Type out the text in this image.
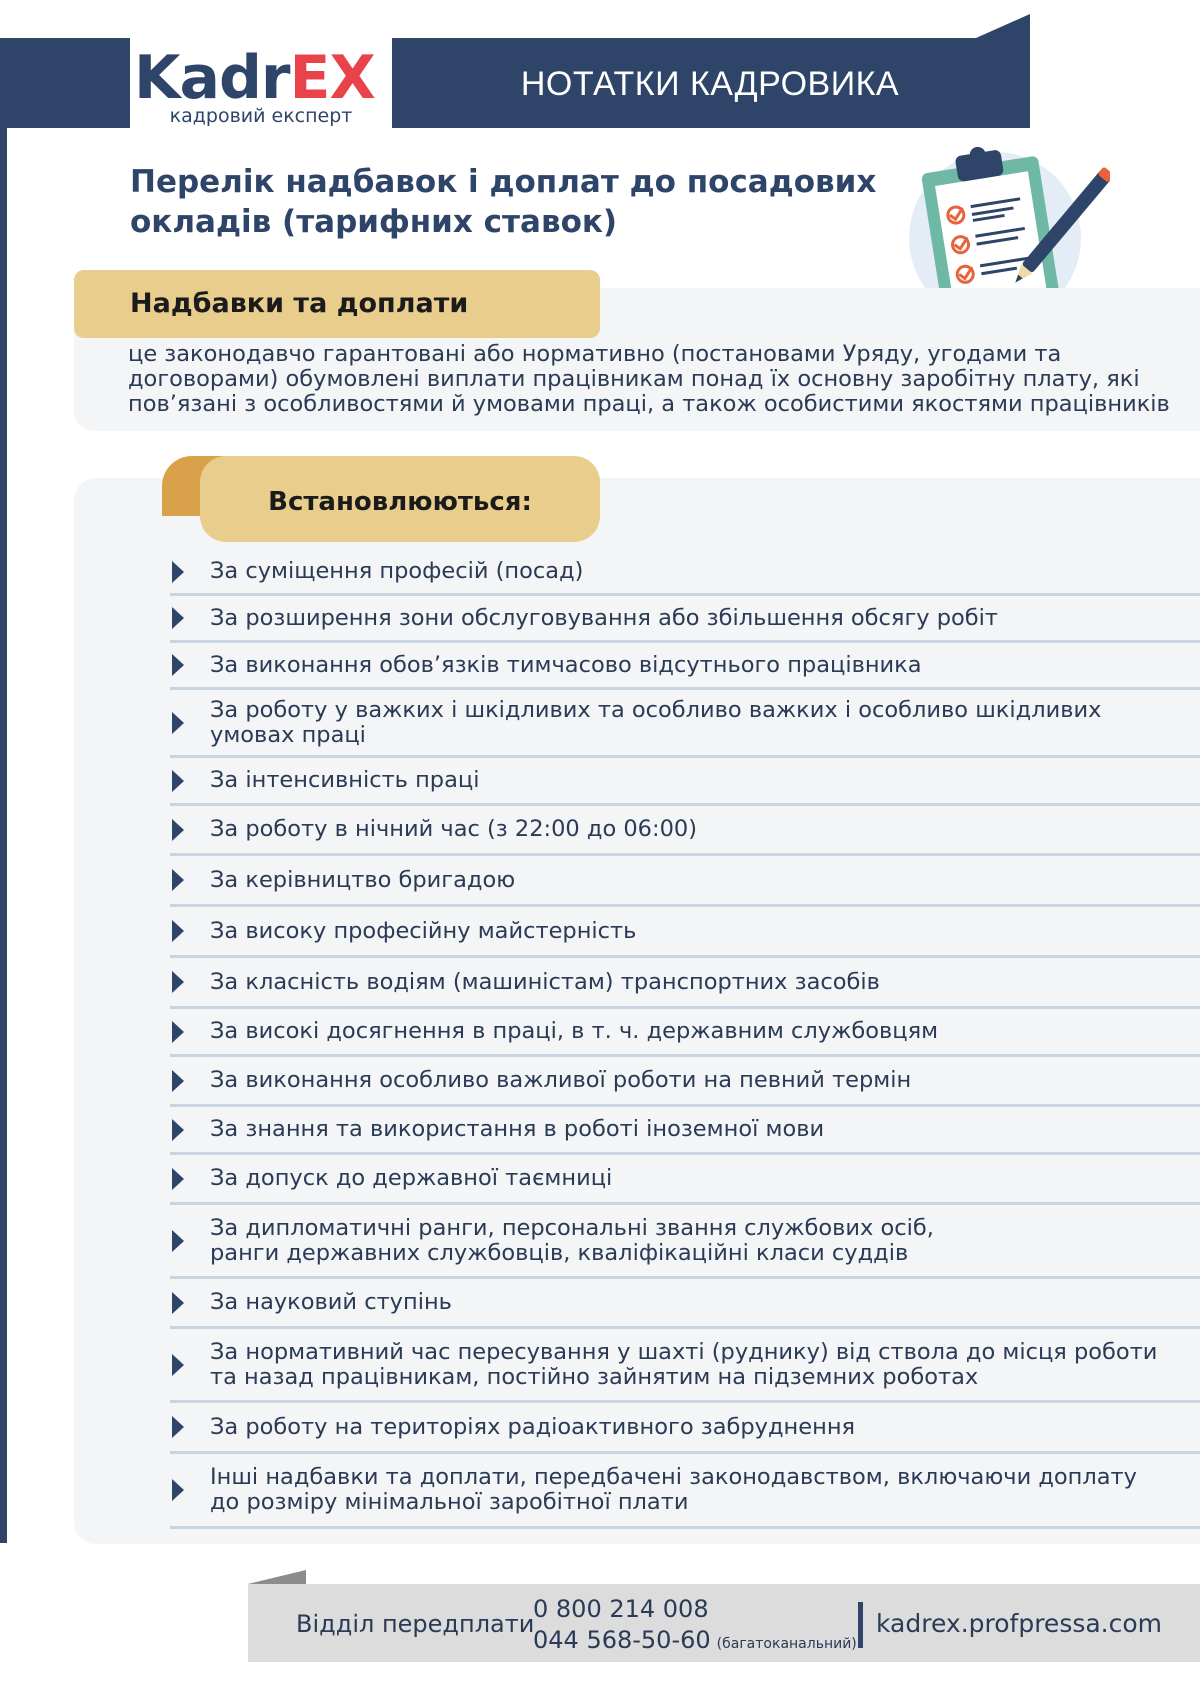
KadrEX
кадровий експерт
НОТАТКИ КАДРОВИКА
Перелік надбавок і доплат до посадових окладів (тарифних ставок)
Надбавки та доплати
це законодавчо гарантовані або нормативно (постановами Уряду, угодами та договорами) обумовлені виплати працівникам понад їх основну заробітну плату, які пов’язані з особливостями й умовами праці, а також особистими якостями працівників
Встановлюються:
За суміщення професій (посад)
За розширення зони обслуговування або збільшення обсягу робіт
За виконання обов’язків тимчасово відсутнього працівника
За роботу у важких і шкідливих та особливо важких і особливо шкідливих
умовах праці
За інтенсивність праці
За роботу в нічний час (з 22:00 до 06:00)
За керівництво бригадою
За високу професійну майстерність
За класність водіям (машиністам) транспортних засобів
За високі досягнення в праці, в т. ч. державним службовцям
За виконання особливо важливої роботи на певний термін
За знання та використання в роботі іноземної мови
За допуск до державної таємниці
За дипломатичні ранги, персональні звання службових осіб,
ранги державних службовців, кваліфікаційні класи суддів
За науковий ступінь
За нормативний час пересування у шахті (руднику) від ствола до місця роботи
та назад працівникам, постійно зайнятим на підземних роботах
За роботу на територіях радіоактивного забруднення
Інші надбавки та доплати, передбачені законодавством, включаючи доплату
до розміру мінімальної заробітної плати
Відділ передплати
0 800 214 008
044 568-50-60 (багатоканальний)
kadrex.profpressa.com
